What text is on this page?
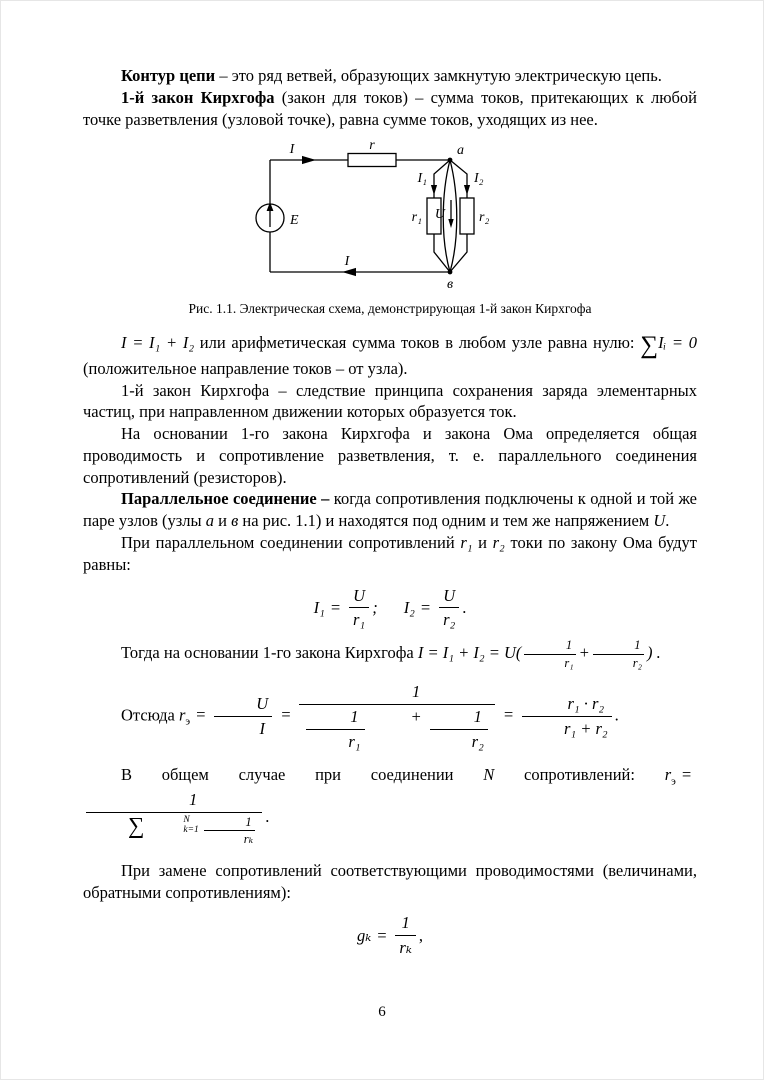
Контур цепи – это ряд ветвей, образующих замкнутую электрическую цепь.

1-й закон Кирхгофа (закон для токов) – сумма токов, притекающих к любой точке разветвления (узловой точке), равна сумме токов, уходящих из нее.

I	r	a
E
I₁	I₂
r₁	r₂
U
в
I
Рис. 1.1. Электрическая схема, демонстрирующая 1-й закон Кирхгофа

I = I₁ + I₂ или арифметическая сумма токов в любом узле равна нулю: ∑Iᵢ = 0 (положительное направление токов – от узла).

1-й закон Кирхгофа – следствие принципа сохранения заряда элементарных частиц, при направленном движении которых образуется ток.

На основании 1-го закона Кирхгофа и закона Ома определяется общая проводимость и сопротивление разветвления, т. е. параллельного соединения сопротивлений (резисторов).

Параллельное соединение – когда сопротивления подключены к одной и той же паре узлов (узлы а и в на рис. 1.1) и находятся под одним и тем же напряжением U.

При параллельном соединении сопротивлений r₁ и r₂ токи по закону Ома будут равны:

$I_1 = \frac{U}{\text{r₁}}$ ; $I_2 = \frac{U}{\text{r₂}}$ .

Тогда на основании 1-го закона Кирхгофа $I = I_1 + I_2 = U( \frac{1}{\text{r₁}} + \frac{1}{\text{r₂}}$ ) .

Отсюда $r_э = \frac{U}{I} = 1$
$\frac{1}{\text{r₁}}$	+ $\frac{1}{\text{r₂}} = \frac{\text{r₁ · r₂}}{\text{r₁ + r₂}}$ .

В общем случае при соединении N сопротивлений: $r_э$ =
1
∑	N
$k=1 \frac{1}{\text{rₖ}}$ .

При замене сопротивлений соответствующими проводимостями (величинами, обратными сопротивлениям):

$g_k = \frac{1}{\text{rₖ}}$ ,
6
